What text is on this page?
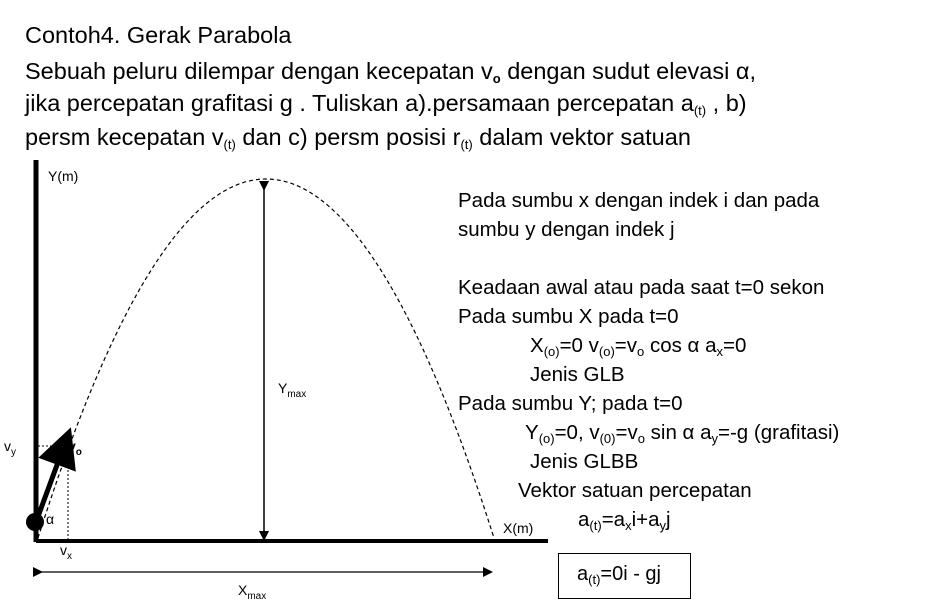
Contoh4. Gerak Parabola
Sebuah peluru dilempar dengan kecepatan $v_o$ dengan sudut elevasi α,
jika percepatan grafitasi g . Tuliskan a).persamaan percepatan $a_{(t)}$ , b)
persm kecepatan $v_{(t)}$ dan c) persm posisi $r_{(t)}$ dalam vektor satuan
Y(m)
X(m)
$Y_{max}$
$X_{max}$
$v_y$	$v_o$
$v_x$
α
Pada sumbu x dengan indek i dan pada
sumbu y dengan indek j
Keadaan awal atau pada saat t=0 sekon
Pada sumbu X pada t=0
$X_{(o)}=0$ $v_{(o)}=v_o$ cos α $a_x=0$
Jenis GLB
Pada sumbu Y; pada t=0
$Y_{(o)}=0$, $v_{(0)}=v_o$ sin α $a_y=-g$ (grafitasi)
Jenis GLBB
Vektor satuan percepatan
$a_{(t)}=a_xi+a_yj$
$a_{(t)}=0i$ - gj
